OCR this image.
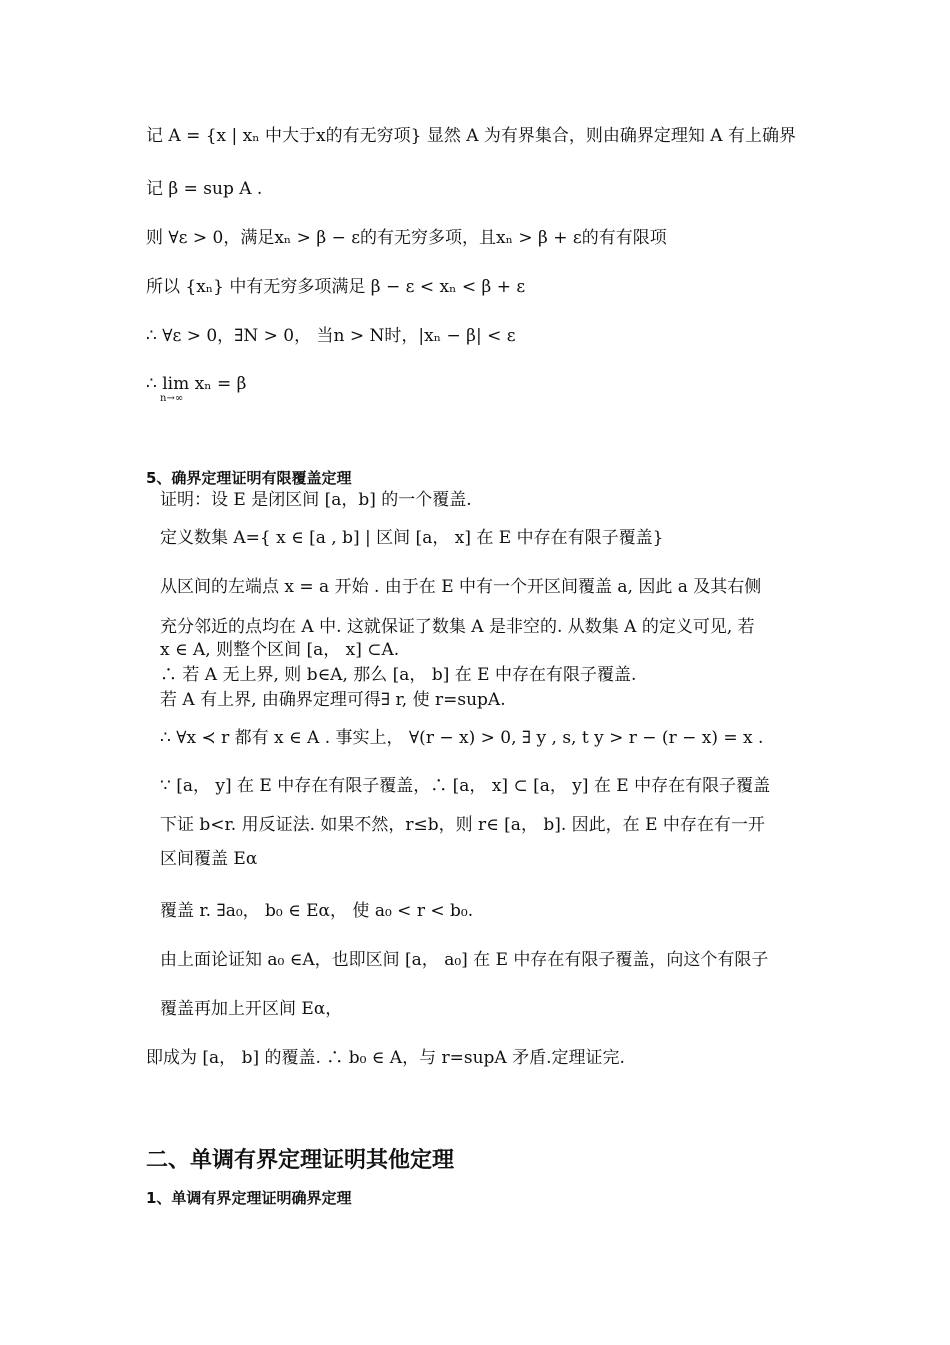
记 A = {x | xₙ 中大于x的有无穷项} 显然 A 为有界集合，则由确界定理知 A 有上确界
记 β = sup A .
则 ∀ε > 0，满足xₙ > β − ε的有无穷多项，且xₙ > β + ε的有有限项
所以 {xₙ} 中有无穷多项满足 β − ε < xₙ < β + ε
∴ ∀ε > 0，∃N > 0， 当n > N时，|xₙ − β| < ε
∴ lim xₙ = β
n→∞
5、确界定理证明有限覆盖定理
证明：设 E 是闭区间 [a，b] 的一个覆盖.
定义数集 A={ x ∈ [a , b] | 区间 [a， x] 在 E 中存在有限子覆盖}
从区间的左端点 x = a 开始 . 由于在 E 中有一个开区间覆盖 a, 因此 a 及其右侧
充分邻近的点均在 A 中. 这就保证了数集 A 是非空的. 从数集 A 的定义可见, 若
x ∈ A, 则整个区间 [a， x] ⊂A.
∴ 若 A 无上界, 则 b∈A, 那么 [a， b] 在 E 中存在有限子覆盖.
若 A 有上界, 由确界定理可得∃ r, 使 r=supA.
∴ ∀x ≺ r 都有 x ∈ A . 事实上， ∀(r − x) > 0, ∃ y , s, t y > r − (r − x) = x .
∵ [a， y] 在 E 中存在有限子覆盖，∴ [a， x] ⊂ [a， y] 在 E 中存在有限子覆盖
下证 b<r. 用反证法. 如果不然，r≤b，则 r∈ [a， b]. 因此，在 E 中存在有一开
区间覆盖 Eα
覆盖 r. ∃a₀， b₀ ∈ Eα， 使 a₀ < r < b₀.
由上面论证知 a₀ ∈A，也即区间 [a， a₀] 在 E 中存在有限子覆盖，向这个有限子
覆盖再加上开区间 Eα，
即成为 [a， b] 的覆盖. ∴ b₀ ∈ A，与 r=supA 矛盾.定理证完.
二、单调有界定理证明其他定理
1、单调有界定理证明确界定理
